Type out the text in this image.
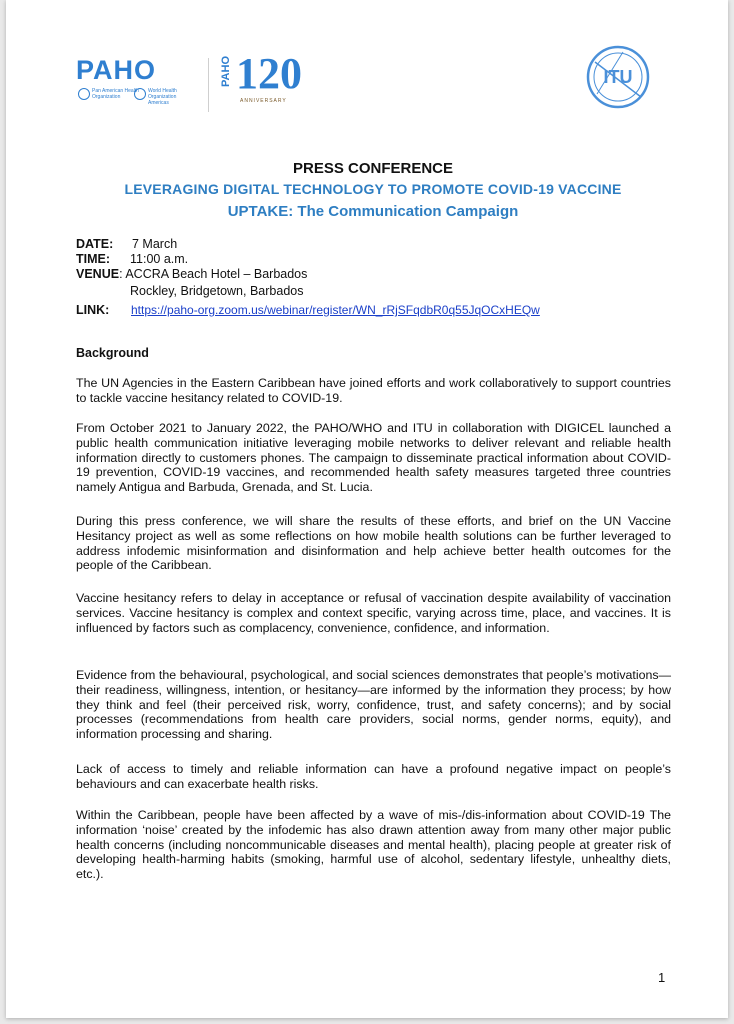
PAHO
Pan American Health Organization
World Health Organization Americas
PAHO 120
ANNIVERSARY
ITU
PRESS CONFERENCE
LEVERAGING DIGITAL TECHNOLOGY TO PROMOTE COVID-19 VACCINE
UPTAKE: The Communication Campaign
DATE: 7 March
TIME: 11:00 a.m.
VENUE: ACCRA Beach Hotel – Barbados
Rockley, Bridgetown, Barbados
LINK: https://paho-org.zoom.us/webinar/register/WN_rRjSFqdbR0q55JqOCxHEQw
Background

The UN Agencies in the Eastern Caribbean have joined efforts and work collaboratively to support countries to tackle vaccine hesitancy related to COVID-19.

From October 2021 to January 2022, the PAHO/WHO and ITU in collaboration with DIGICEL launched a public health communication initiative leveraging mobile networks to deliver relevant and reliable health information directly to customers phones. The campaign to disseminate practical information about COVID-19 prevention, COVID-19 vaccines, and recommended health safety measures targeted three countries namely Antigua and Barbuda, Grenada, and St. Lucia.

During this press conference, we will share the results of these efforts, and brief on the UN Vaccine Hesitancy project as well as some reflections on how mobile health solutions can be further leveraged to address infodemic misinformation and disinformation and help achieve better health outcomes for the people of the Caribbean.

Vaccine hesitancy refers to delay in acceptance or refusal of vaccination despite availability of vaccination services. Vaccine hesitancy is complex and context specific, varying across time, place, and vaccines. It is influenced by factors such as complacency, convenience, confidence, and information.

Evidence from the behavioural, psychological, and social sciences demonstrates that people’s motivations—their readiness, willingness, intention, or hesitancy—are informed by the information they process; by how they think and feel (their perceived risk, worry, confidence, trust, and safety concerns); and by social processes (recommendations from health care providers, social norms, gender norms, equity), and information processing and sharing.

Lack of access to timely and reliable information can have a profound negative impact on people’s behaviours and can exacerbate health risks.

Within the Caribbean, people have been affected by a wave of mis-/dis-information about COVID-19 The information ‘noise’ created by the infodemic has also drawn attention away from many other major public health concerns (including noncommunicable diseases and mental health), placing people at greater risk of developing health-harming habits (smoking, harmful use of alcohol, sedentary lifestyle, unhealthy diets, etc.).

1
